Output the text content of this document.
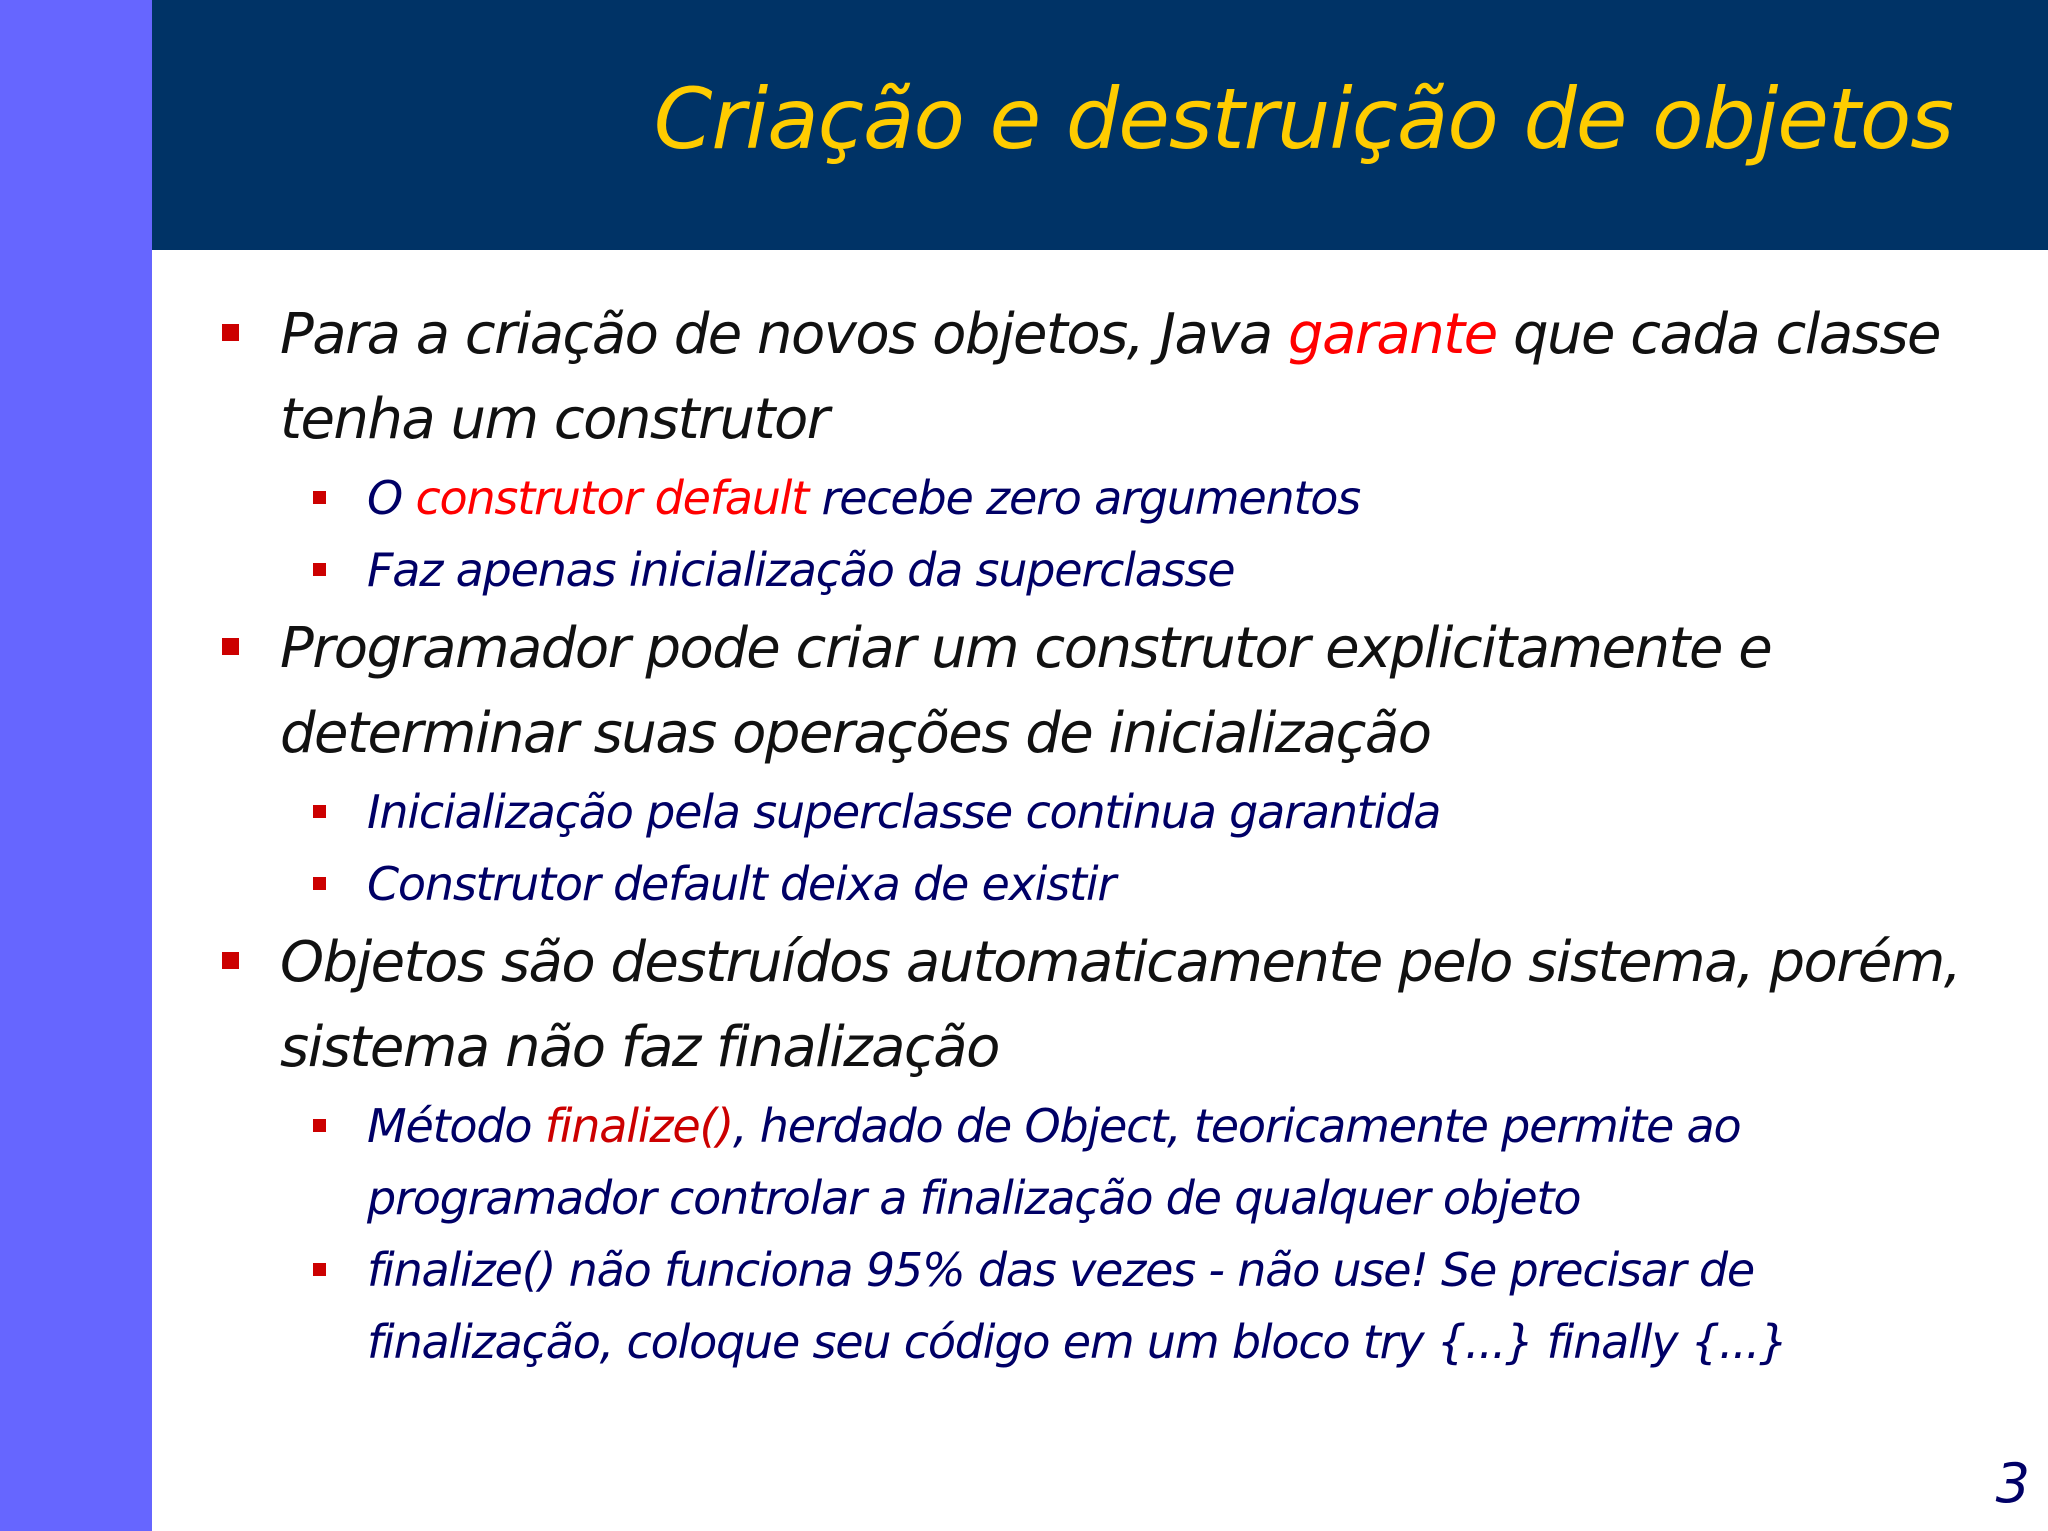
Criação e destruição de objetos
Para a criação de novos objetos, Java garante que cada classe tenha um construtor
O construtor default recebe zero argumentos
Faz apenas inicialização da superclasse
Programador pode criar um construtor explicitamente e determinar suas operações de inicialização
Inicialização pela superclasse continua garantida
Construtor default deixa de existir
Objetos são destruídos automaticamente pelo sistema, porém, sistema não faz finalização
Método finalize(), herdado de Object, teoricamente permite ao programador controlar a finalização de qualquer objeto
finalize() não funciona 95% das vezes - não use! Se precisar de finalização, coloque seu código em um bloco try {...} finally {...}
3
